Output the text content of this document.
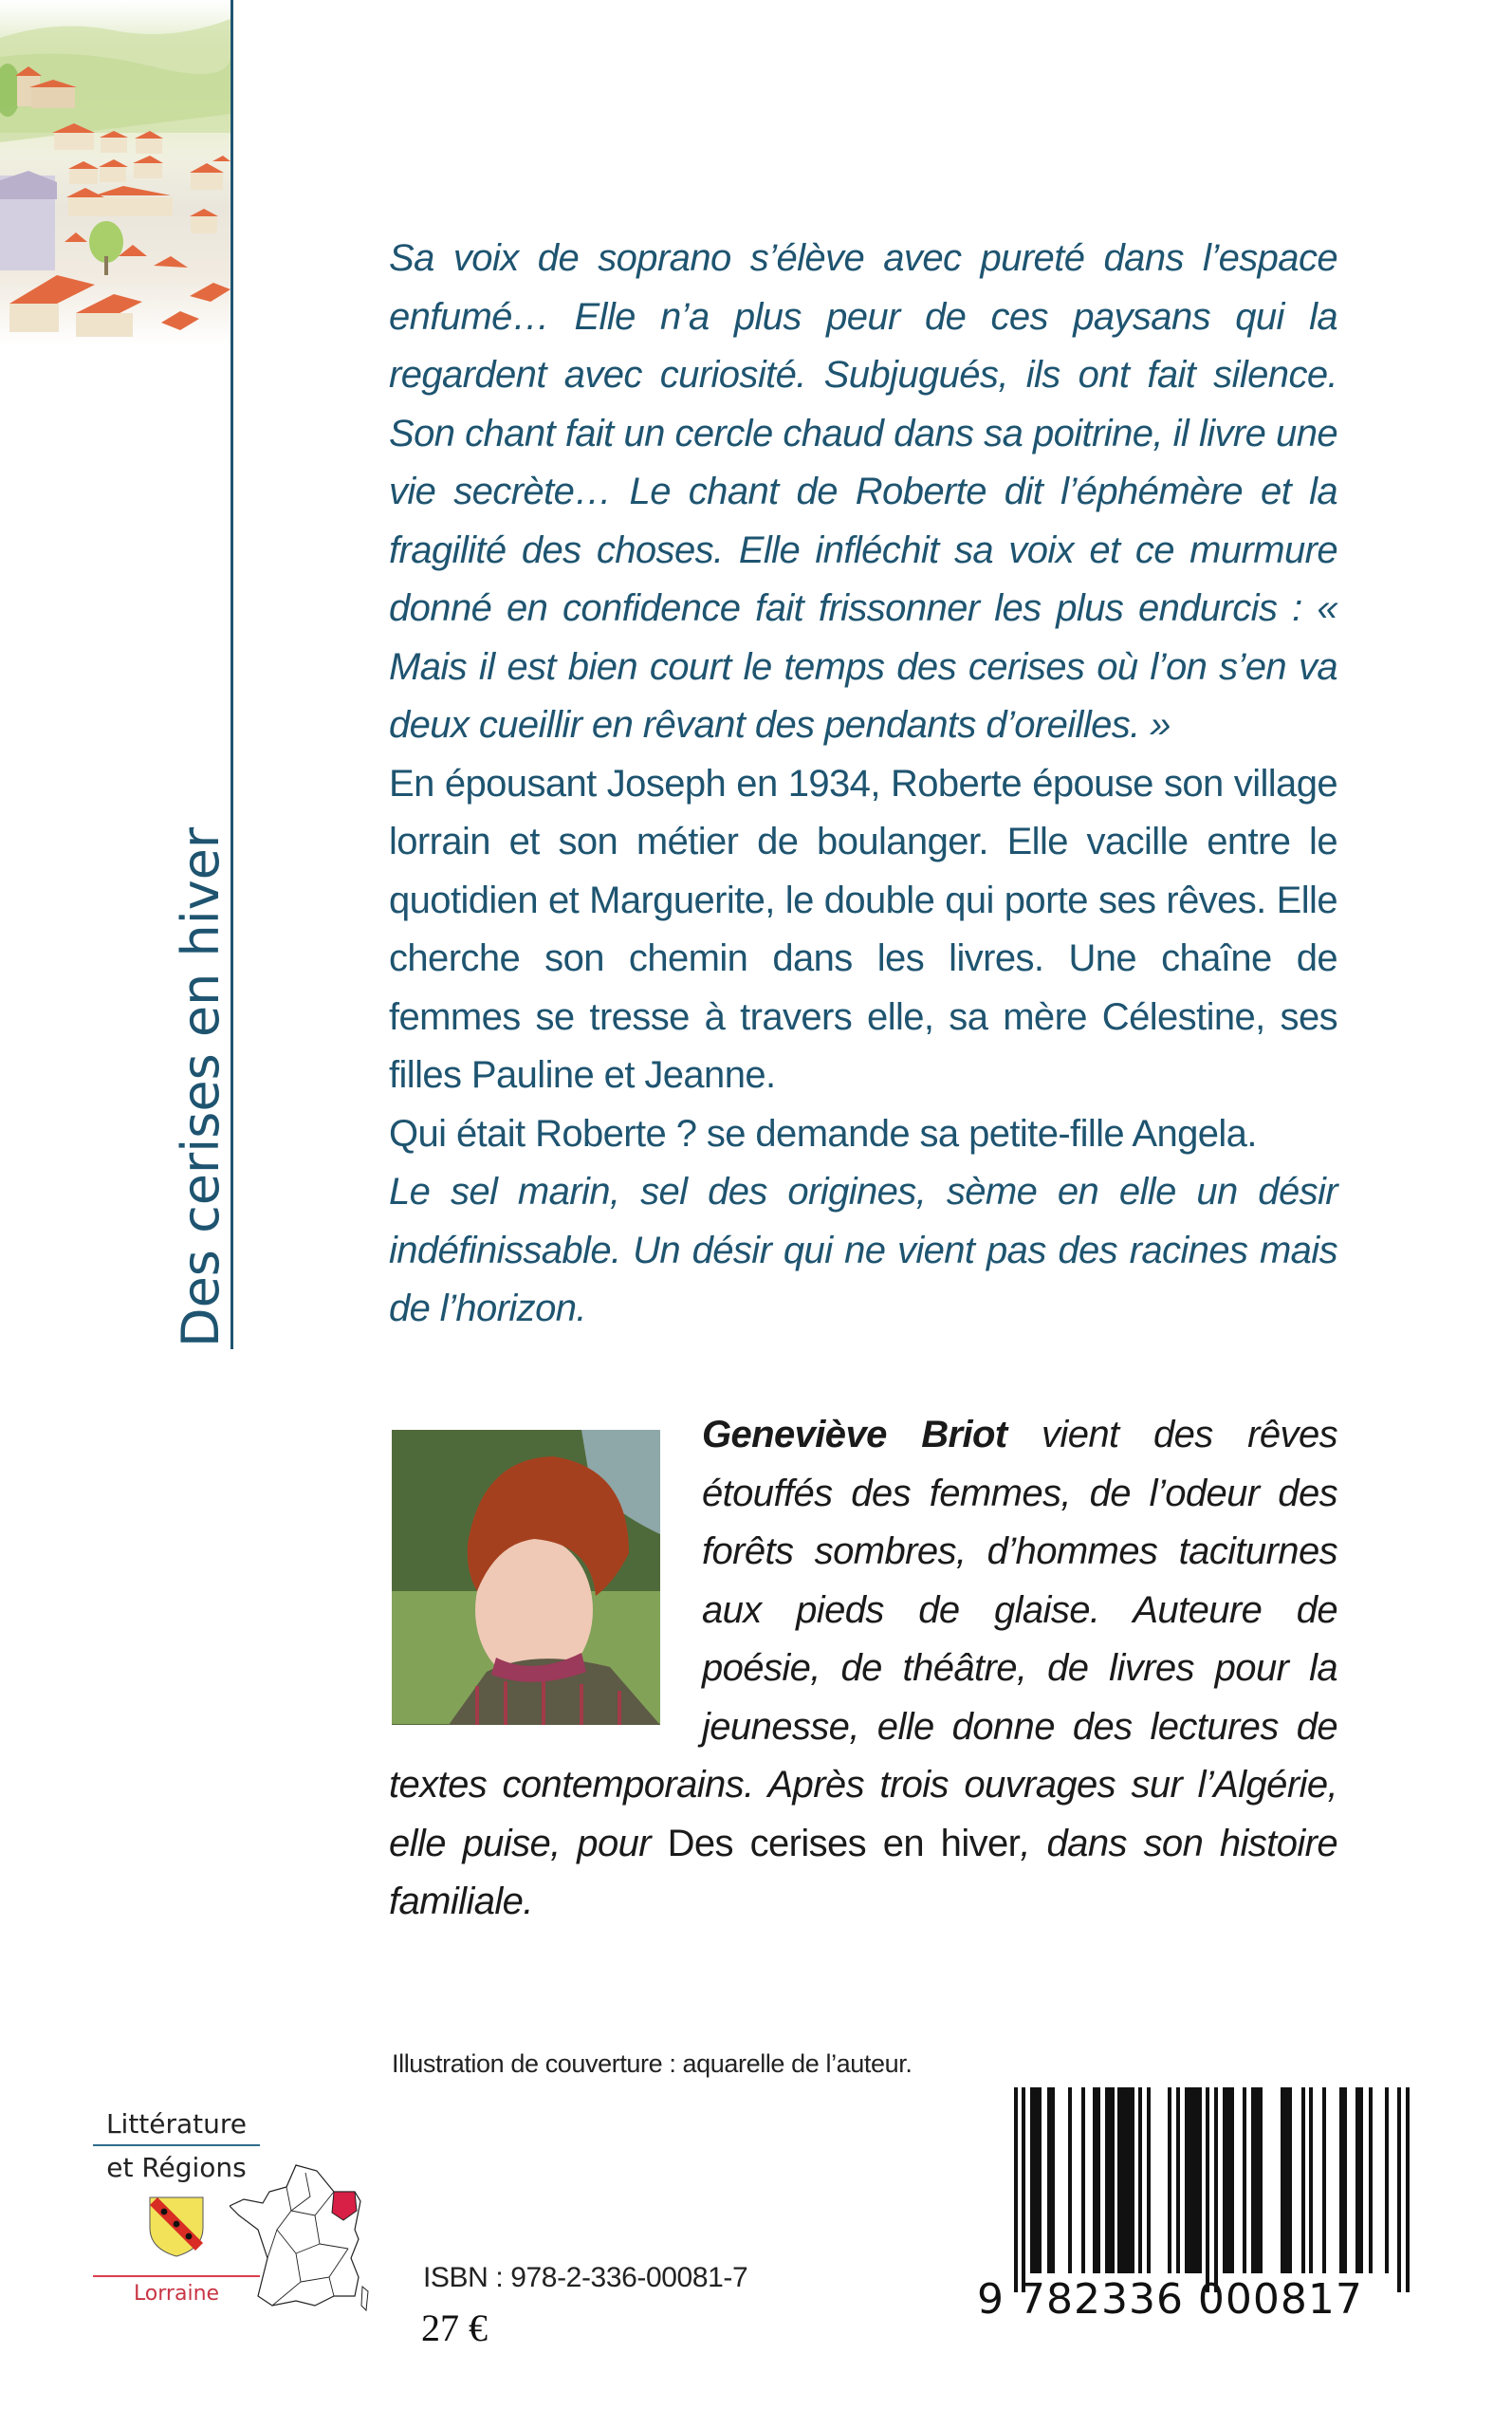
Des cerises en hiver

Sa voix de soprano s’élève avec pureté dans l’espace enfumé… Elle n’a plus peur de ces paysans qui la regardent avec curiosité. Subjugués, ils ont fait silence. Son chant fait un cercle chaud dans sa poitrine, il livre une vie secrète… Le chant de Roberte dit l’éphémère et la fragilité des choses. Elle infléchit sa voix et ce murmure donné en confidence fait frissonner les plus endurcis : « Mais il est bien court le temps des cerises où l’on s’en va deux cueillir en rêvant des pendants d’oreilles. »

En épousant Joseph en 1934, Roberte épouse son village lorrain et son métier de boulanger. Elle vacille entre le quotidien et Marguerite, le double qui porte ses rêves. Elle cherche son chemin dans les livres. Une chaîne de femmes se tresse à travers elle, sa mère Célestine, ses filles Pauline et Jeanne.

Qui était Roberte ? se demande sa petite-fille Angela.

Le sel marin, sel des origines, sème en elle un désir indéfinissable. Un désir qui ne vient pas des racines mais de l’horizon.

Geneviève Briot vient des rêves étouffés des femmes, de l’odeur des forêts sombres, d’hommes taciturnes aux pieds de glaise. Auteure de poésie, de théâtre, de livres pour la jeunesse, elle donne des lectures de textes contemporains. Après trois ouvrages sur l’Algérie, elle puise, pour Des cerises en hiver, dans son histoire familiale.

Illustration de couverture : aquarelle de l’auteur.
Littérature
et Régions
Lorraine
ISBN : 978-2-336-00081-7
27 €
9 782336 000817
